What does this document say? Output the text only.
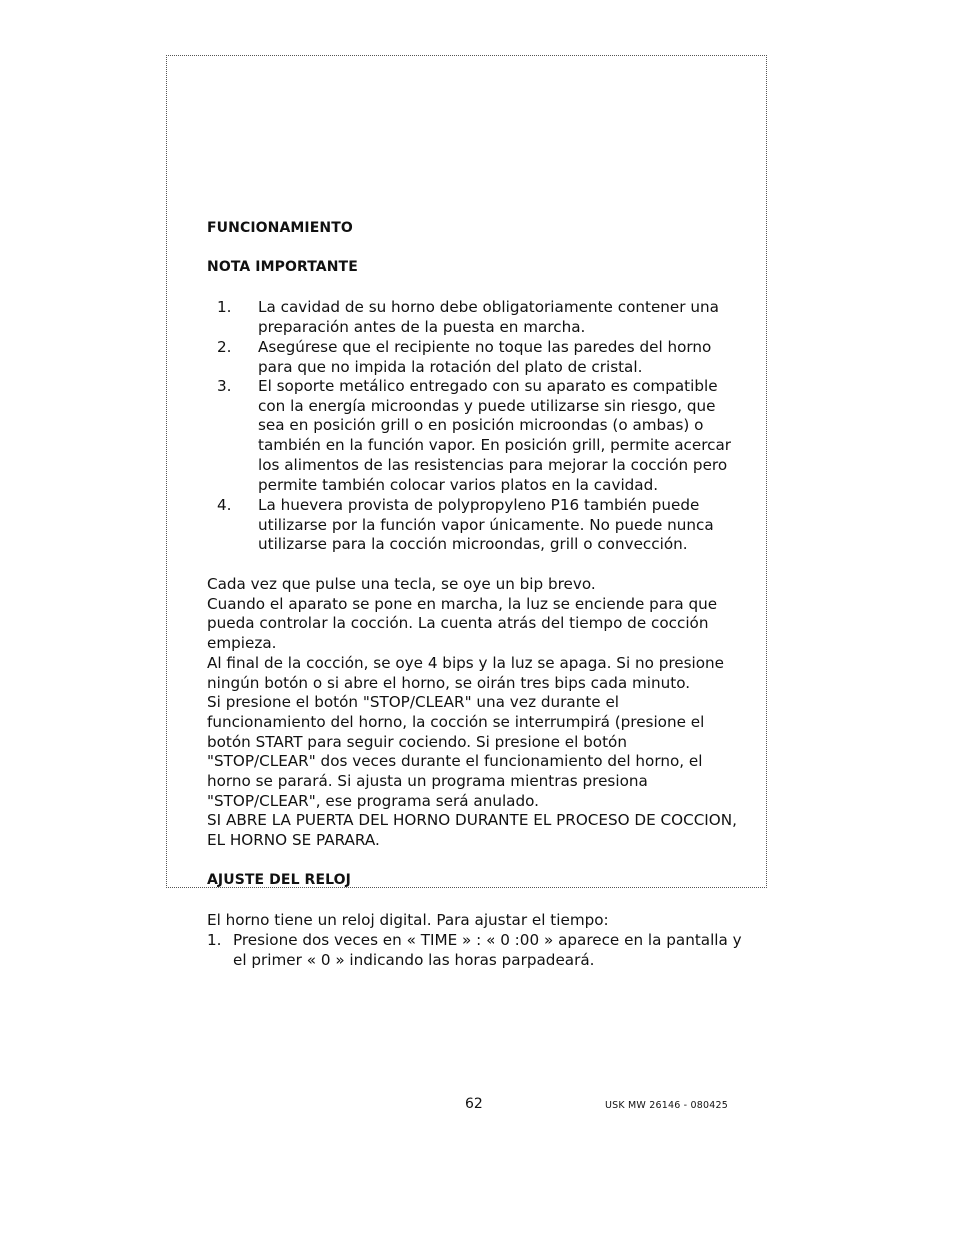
FUNCIONAMIENTO
NOTA IMPORTANTE
1. La cavidad de su horno debe obligatoriamente contener una
preparación antes de la puesta en marcha.
2. Asegúrese que el recipiente no toque las paredes del horno
para que no impida la rotación del plato de cristal.
3. El soporte metálico entregado con su aparato es compatible
con la energía microondas y puede utilizarse sin riesgo, que
sea en posición grill o en posición microondas (o ambas) o
también en la función vapor. En posición grill, permite acercar
los alimentos de las resistencias para mejorar la cocción pero
permite también colocar varios platos en la cavidad.
4. La huevera provista de polypropyleno P16 también puede
utilizarse por la función vapor únicamente. No puede nunca
utilizarse para la cocción microondas, grill o convección.
Cada vez que pulse una tecla, se oye un bip brevo.
Cuando el aparato se pone en marcha, la luz se enciende para que
pueda controlar la cocción. La cuenta atrás del tiempo de cocción
empieza.
Al final de la cocción, se oye 4 bips y la luz se apaga. Si no presione
ningún botón o si abre el horno, se oirán tres bips cada minuto.
Si presione el botón "STOP/CLEAR" una vez durante el
funcionamiento del horno, la cocción se interrumpirá (presione el
botón START para seguir cociendo. Si presione el botón
"STOP/CLEAR" dos veces durante el funcionamiento del horno, el
horno se parará. Si ajusta un programa mientras presiona
"STOP/CLEAR", ese programa será anulado.
SI ABRE LA PUERTA DEL HORNO DURANTE EL PROCESO DE COCCION,
EL HORNO SE PARARA.
AJUSTE DEL RELOJ
El horno tiene un reloj digital. Para ajustar el tiempo:
1. Presione dos veces en « TIME » : « 0 :00 » aparece en la pantalla y
el primer « 0 » indicando las horas parpadeará.
62	USK MW 26146 - 080425
